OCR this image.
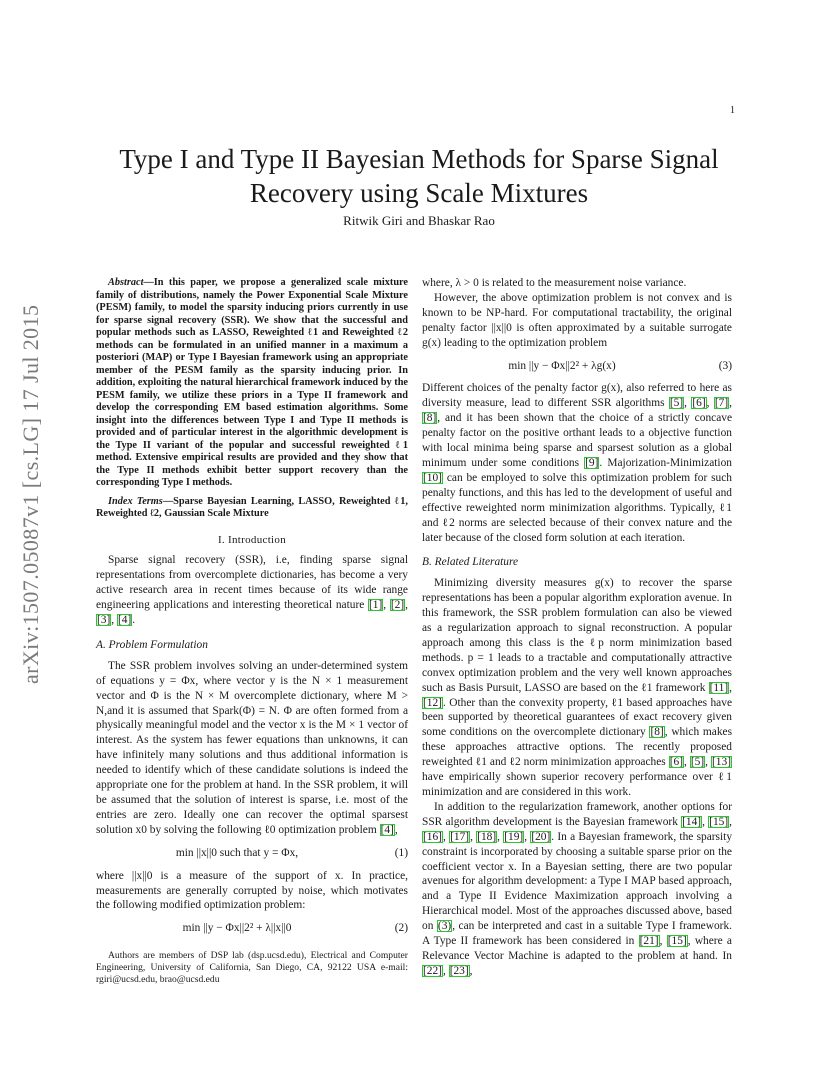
1
arXiv:1507.05087v1 [cs.LG] 17 Jul 2015
Type I and Type II Bayesian Methods for Sparse Signal
Recovery using Scale Mixtures
Ritwik Giri and Bhaskar Rao

Abstract—In this paper, we propose a generalized scale mixture family of distributions, namely the Power Exponential Scale Mixture (PESM) family, to model the sparsity inducing priors currently in use for sparse signal recovery (SSR). We show that the successful and popular methods such as LASSO, Reweighted ℓ1 and Reweighted ℓ2 methods can be formulated in an unified manner in a maximum a posteriori (MAP) or Type I Bayesian framework using an appropriate member of the PESM family as the sparsity inducing prior. In addition, exploiting the natural hierarchical framework induced by the PESM family, we utilize these priors in a Type II framework and develop the corresponding EM based estimation algorithms. Some insight into the differences between Type I and Type II methods is provided and of particular interest in the algorithmic development is the Type II variant of the popular and successful reweighted ℓ1 method. Extensive empirical results are provided and they show that the Type II methods exhibit better support recovery than the corresponding Type I methods.

Index Terms—Sparse Bayesian Learning, LASSO, Reweighted ℓ1, Reweighted ℓ2, Gaussian Scale Mixture

I. Introduction

Sparse signal recovery (SSR), i.e, finding sparse signal representations from overcomplete dictionaries, has become a very active research area in recent times because of its wide range engineering applications and interesting theoretical nature [1], [2], [3], [4].

A. Problem Formulation

The SSR problem involves solving an under-determined system of equations y = Φx, where vector y is the N × 1 measurement vector and Φ is the N × M overcomplete dictionary, where M > N,and it is assumed that Spark(Φ) = N. Φ are often formed from a physically meaningful model and the vector x is the M × 1 vector of interest. As the system has fewer equations than unknowns, it can have infinitely many solutions and thus additional information is needed to identify which of these candidate solutions is indeed the appropriate one for the problem at hand. In the SSR problem, it will be assumed that the solution of interest is sparse, i.e. most of the entries are zero. Ideally one can recover the optimal sparsest solution x0 by solving the following ℓ0 optimization problem [4],

min ||x||0 such that y = Φx,	(1)

where ||x||0 is a measure of the support of x. In practice, measurements are generally corrupted by noise, which motivates the following modified optimization problem:

min ||y − Φx||2² + λ||x||0	(2)

Authors are members of DSP lab (dsp.ucsd.edu), Electrical and Computer Engineering, University of California, San Diego, CA, 92122 USA e-mail: rgiri@ucsd.edu, brao@ucsd.edu

where, λ > 0 is related to the measurement noise variance.

However, the above optimization problem is not convex and is known to be NP-hard. For computational tractability, the original penalty factor ||x||0 is often approximated by a suitable surrogate g(x) leading to the optimization problem

min ||y − Φx||2² + λg(x)	(3)

Different choices of the penalty factor g(x), also referred to here as diversity measure, lead to different SSR algorithms [5], [6], [7], [8], and it has been shown that the choice of a strictly concave penalty factor on the positive orthant leads to a objective function with local minima being sparse and sparsest solution as a global minimum under some conditions [9]. Majorization-Minimization [10] can be employed to solve this optimization problem for such penalty functions, and this has led to the development of useful and effective reweighted norm minimization algorithms. Typically, ℓ1 and ℓ2 norms are selected because of their convex nature and the later because of the closed form solution at each iteration.

B. Related Literature

Minimizing diversity measures g(x) to recover the sparse representations has been a popular algorithm exploration avenue. In this framework, the SSR problem formulation can also be viewed as a regularization approach to signal reconstruction. A popular approach among this class is the ℓp norm minimization based methods. p = 1 leads to a tractable and computationally attractive convex optimization problem and the very well known approaches such as Basis Pursuit, LASSO are based on the ℓ1 framework [11], [12]. Other than the convexity property, ℓ1 based approaches have been supported by theoretical guarantees of exact recovery given some conditions on the overcomplete dictionary [8], which makes these approaches attractive options. The recently proposed reweighted ℓ1 and ℓ2 norm minimization approaches [6], [5], [13] have empirically shown superior recovery performance over ℓ1 minimization and are considered in this work.

In addition to the regularization framework, another options for SSR algorithm development is the Bayesian framework [14], [15], [16], [17], [18], [19], [20]. In a Bayesian framework, the sparsity constraint is incorporated by choosing a suitable sparse prior on the coefficient vector x. In a Bayesian setting, there are two popular avenues for algorithm development: a Type I MAP based approach, and a Type II Evidence Maximization approach involving a Hierarchical model. Most of the approaches discussed above, based on (3), can be interpreted and cast in a suitable Type I framework. A Type II framework has been considered in [21], [15], where a Relevance Vector Machine is adapted to the problem at hand. In [22], [23],
